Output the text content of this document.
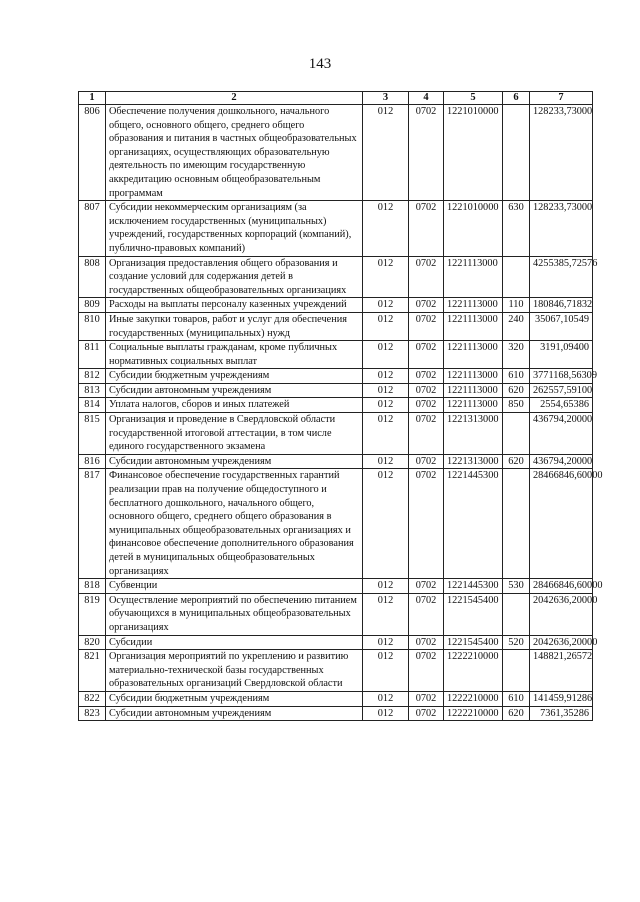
143
1	2	3	4	5	6	7
806	Обеспечение получения дошкольного, начального общего, основного общего, среднего общего образования и питания в частных общеобразовательных организациях, осуществляющих образовательную деятельность по имеющим государственную аккредитацию основным общеобразовательным программам	012	0702	1221010000		128233,73000
807	Субсидии некоммерческим организациям (за исключением государственных (муниципальных) учреждений, государственных корпораций (компаний), публично-правовых компаний)	012	0702	1221010000	630	128233,73000
808	Организация предоставления общего образования и создание условий для содержания детей в государственных общеобразовательных организациях	012	0702	1221113000		4255385,72576
809	Расходы на выплаты персоналу казенных учреждений	012	0702	1221113000	110	180846,71832
810	Иные закупки товаров, работ и услуг для обеспечения государственных (муниципальных) нужд	012	0702	1221113000	240	35067,10549
811	Социальные выплаты гражданам, кроме публичных нормативных социальных выплат	012	0702	1221113000	320	3191,09400
812	Субсидии бюджетным учреждениям	012	0702	1221113000	610	3771168,56309
813	Субсидии автономным учреждениям	012	0702	1221113000	620	262557,59100
814	Уплата налогов, сборов и иных платежей	012	0702	1221113000	850	2554,65386
815	Организация и проведение в Свердловской области государственной итоговой аттестации, в том числе единого государственного экзамена	012	0702	1221313000		436794,20000
816	Субсидии автономным учреждениям	012	0702	1221313000	620	436794,20000
817	Финансовое обеспечение государственных гарантий реализации прав на получение общедоступного и бесплатного дошкольного, начального общего, основного общего, среднего общего образования в муниципальных общеобразовательных организациях и финансовое обеспечение дополнительного образования детей в муниципальных общеобразовательных организациях	012	0702	1221445300		28466846,60000
818	Субвенции	012	0702	1221445300	530	28466846,60000
819	Осуществление мероприятий по обеспечению питанием обучающихся в муниципальных общеобразовательных организациях	012	0702	1221545400		2042636,20000
820	Субсидии	012	0702	1221545400	520	2042636,20000
821	Организация мероприятий по укреплению и развитию материально-технической базы государственных образовательных организаций Свердловской области	012	0702	1222210000		148821,26572
822	Субсидии бюджетным учреждениям	012	0702	1222210000	610	141459,91286
823	Субсидии автономным учреждениям	012	0702	1222210000	620	7361,35286
